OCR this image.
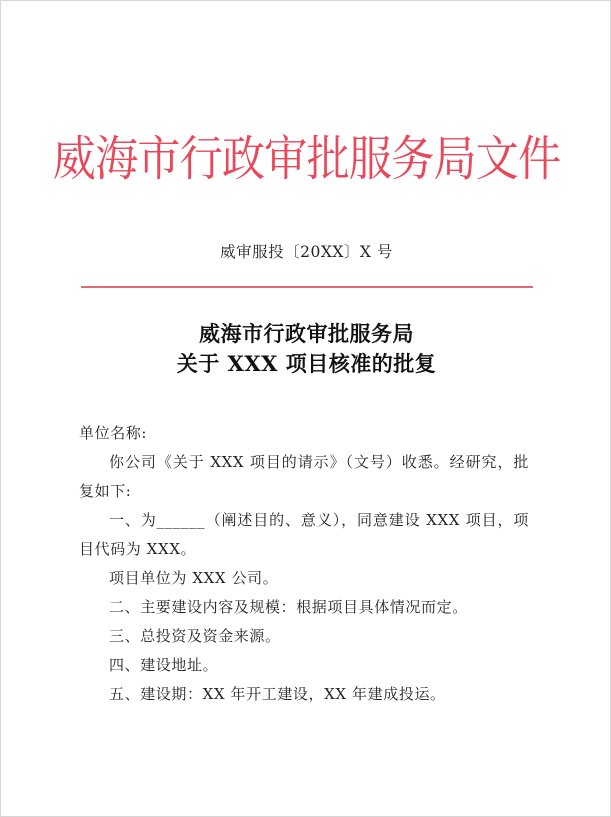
威海市行政审批服务局文件
威审服投〔20XX〕X 号
威海市行政审批服务局
关于 XXX 项目核准的批复

单位名称:

你公司《关于 XXX 项目的请示》（文号）收悉。经研究，批复如下:

一、为______（阐述目的、意义），同意建设 XXX 项目，项目代码为 XXX。

项目单位为 XXX 公司。

二、主要建设内容及规模：根据项目具体情况而定。

三、总投资及资金来源。

四、建设地址。

五、建设期：XX 年开工建设，XX 年建成投运。
